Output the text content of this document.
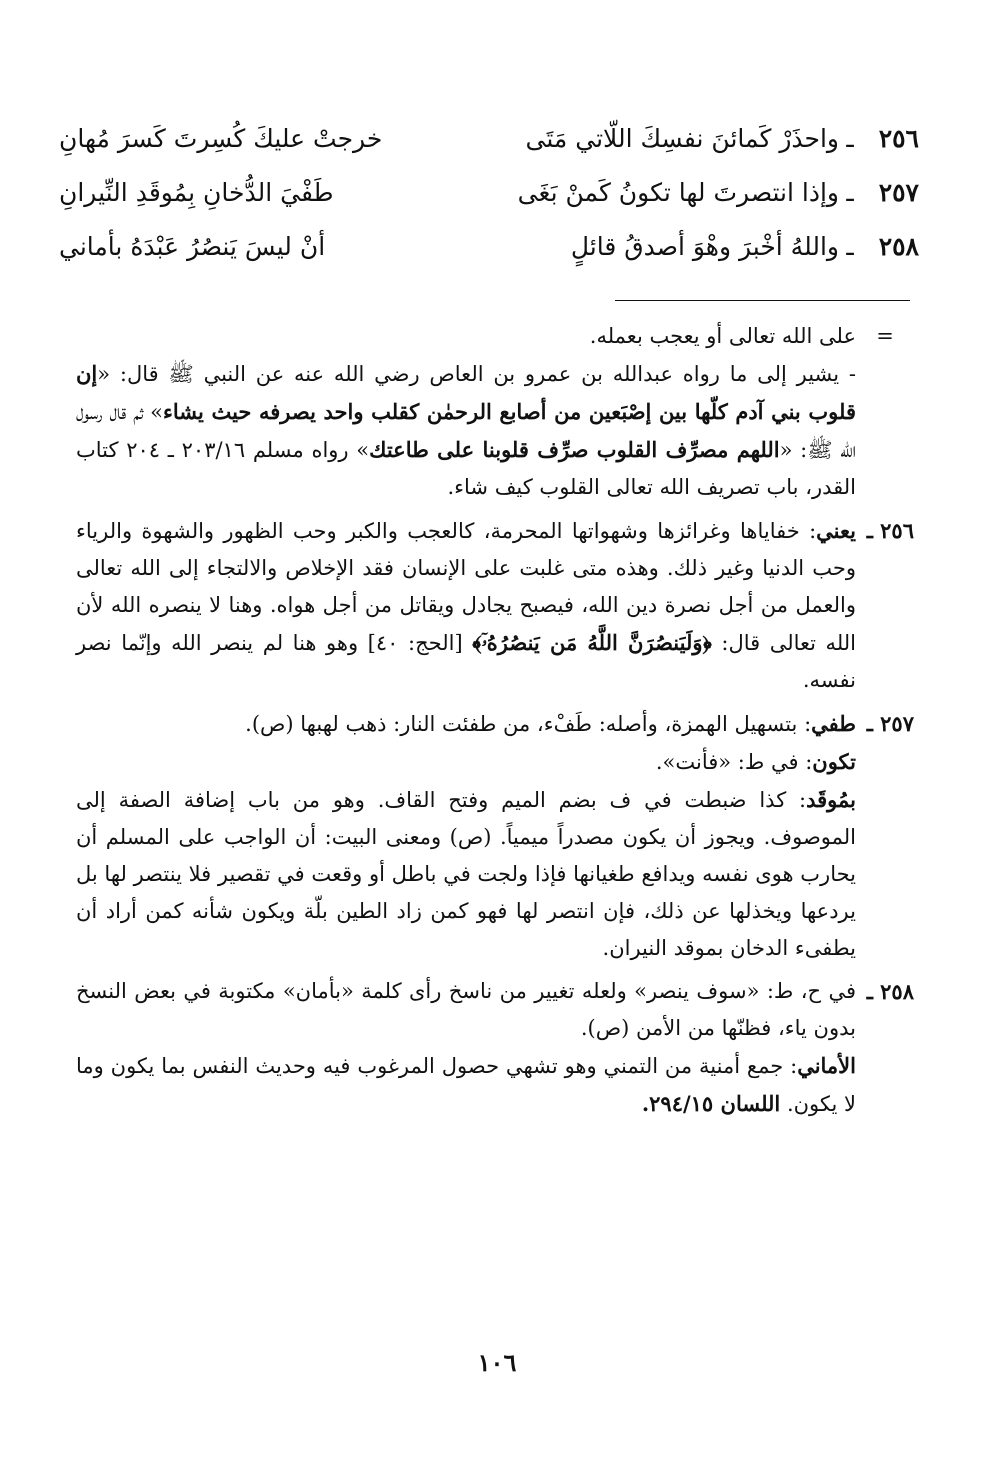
٢٥٦
ـ
واحذَرْ كَمائنَ نفسِكَ اللّاتي مَتَى
خرجتْ عليكَ كُسِرتَ كَسرَ مُهانِ
٢٥٧
ـ
وإذا انتصرتَ لها تكونُ كَمنْ بَغَى
طَفْيَ الدُّخانِ بِمُوقَدِ النِّيرانِ
٢٥٨
ـ
واللهُ أخْبرَ وهْوَ أصدقُ قائلٍ
أنْ ليسَ يَنصُرُ عَبْدَهُ بأماني
=

على الله تعالى أو يعجب بعمله.

- يشير إلى ما رواه عبدالله بن عمرو بن العاص رضي الله عنه عن النبي ﷺ قال: «إن قلوب بني آدم كلّها بين إصْبَعين من أصابع الرحمٰن كقلب واحد يصرفه حيث يشاء» ثم قال رسول الله ﷺ: «اللهم مصرِّف القلوب صرِّف قلوبنا على طاعتك» رواه مسلم ٢٠٣/١٦ ـ ٢٠٤ كتاب القدر، باب تصريف الله تعالى القلوب كيف شاء.

٢٥٦ ـ

يعني: خفاياها وغرائزها وشهواتها المحرمة، كالعجب والكبر وحب الظهور والشهوة والرياء وحب الدنيا وغير ذلك. وهذه متى غلبت على الإنسان فقد الإخلاص والالتجاء إلى الله تعالى والعمل من أجل نصرة دين الله، فيصبح يجادل ويقاتل من أجل هواه. وهنا لا ينصره الله لأن الله تعالى قال: ﴿وَلَيَنصُرَنَّ اللَّهُ مَن يَنصُرُهُۥٓ﴾ [الحج: ٤٠] وهو هنا لم ينصر الله وإنّما نصر نفسه.

٢٥٧ ـ

طفي: بتسهيل الهمزة، وأصله: طَفْء، من طفئت النار: ذهب لهبها (ص).

تكون: في ط: «فأنت».

بمُوقَد: كذا ضبطت في ف بضم الميم وفتح القاف. وهو من باب إضافة الصفة إلى الموصوف. ويجوز أن يكون مصدراً ميمياً. (ص) ومعنى البيت: أن الواجب على المسلم أن يحارب هوى نفسه ويدافع طغيانها فإذا ولجت في باطل أو وقعت في تقصير فلا ينتصر لها بل يردعها ويخذلها عن ذلك، فإن انتصر لها فهو كمن زاد الطين بلّة ويكون شأنه كمن أراد أن يطفىء الدخان بموقد النيران.

٢٥٨ ـ

في ح، ط: «سوف ينصر» ولعله تغيير من ناسخ رأى كلمة «بأمان» مكتوبة في بعض النسخ بدون ياء، فظنّها من الأمن (ص).

الأماني: جمع أمنية من التمني وهو تشهي حصول المرغوب فيه وحديث النفس بما يكون وما لا يكون. اللسان ٢٩٤/١٥.

١٠٦
